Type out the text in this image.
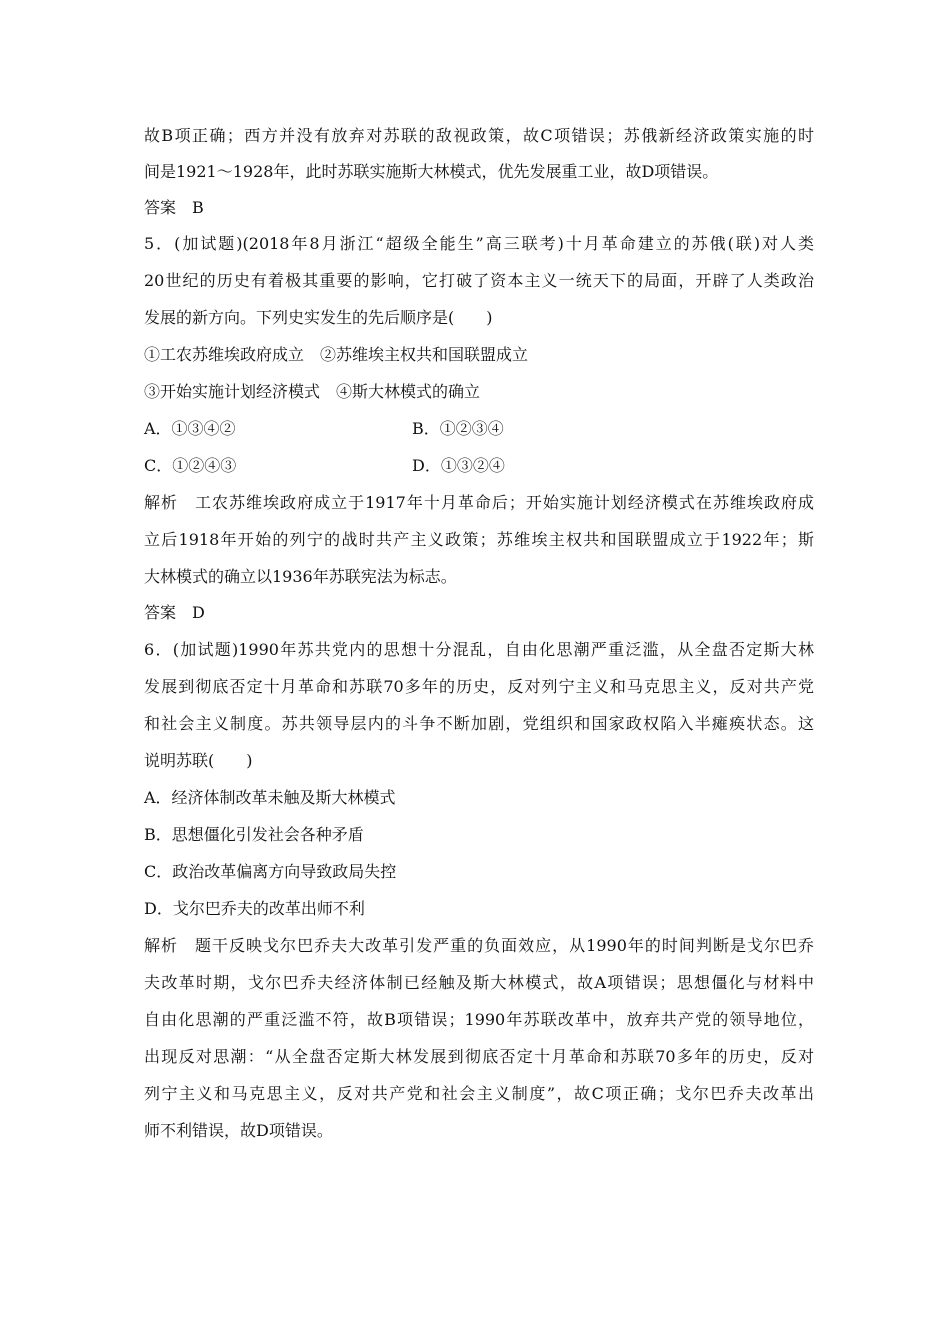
故B项正确；西方并没有放弃对苏联的敌视政策，故C项错误；苏俄新经济政策实施的时
间是1921～1928年，此时苏联实施斯大林模式，优先发展重工业，故D项错误。
答案　B
5．(加试题)(2018年8月浙江“超级全能生”高三联考)十月革命建立的苏俄(联)对人类
20世纪的历史有着极其重要的影响，它打破了资本主义一统天下的局面，开辟了人类政治
发展的新方向。下列史实发生的先后顺序是(　　)
①工农苏维埃政府成立　②苏维埃主权共和国联盟成立
③开始实施计划经济模式　④斯大林模式的确立
A．①③④②	B．①②③④
C．①②④③	D．①③②④
解析　工农苏维埃政府成立于1917年十月革命后；开始实施计划经济模式在苏维埃政府成
立后1918年开始的列宁的战时共产主义政策；苏维埃主权共和国联盟成立于1922年；斯
大林模式的确立以1936年苏联宪法为标志。
答案　D
6．(加试题)1990年苏共党内的思想十分混乱，自由化思潮严重泛滥，从全盘否定斯大林
发展到彻底否定十月革命和苏联70多年的历史，反对列宁主义和马克思主义，反对共产党
和社会主义制度。苏共领导层内的斗争不断加剧，党组织和国家政权陷入半瘫痪状态。这
说明苏联(　　)
A．经济体制改革未触及斯大林模式
B．思想僵化引发社会各种矛盾
C．政治改革偏离方向导致政局失控
D．戈尔巴乔夫的改革出师不利
解析　题干反映戈尔巴乔夫大改革引发严重的负面效应，从1990年的时间判断是戈尔巴乔
夫改革时期，戈尔巴乔夫经济体制已经触及斯大林模式，故A项错误；思想僵化与材料中
自由化思潮的严重泛滥不符，故B项错误；1990年苏联改革中，放弃共产党的领导地位，
出现反对思潮：“从全盘否定斯大林发展到彻底否定十月革命和苏联70多年的历史，反对
列宁主义和马克思主义，反对共产党和社会主义制度”，故C项正确；戈尔巴乔夫改革出
师不利错误，故D项错误。
